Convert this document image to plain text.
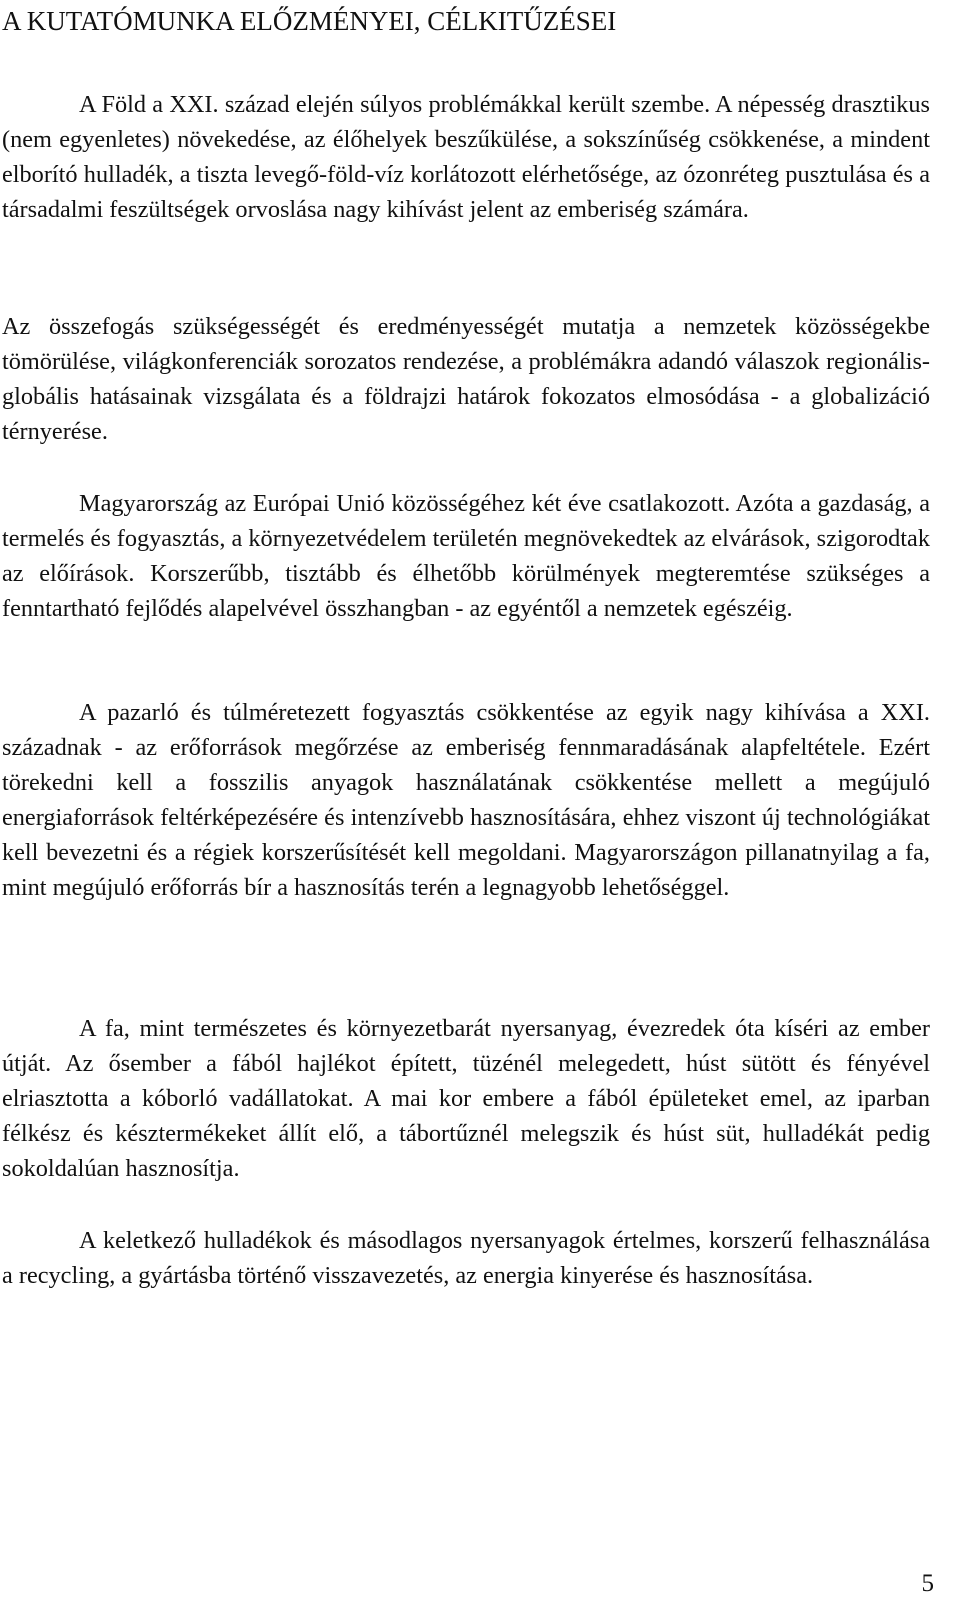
A KUTATÓMUNKA ELŐZMÉNYEI, CÉLKITŰZÉSEI

A Föld a XXI. század elején súlyos problémákkal került szembe. A népesség drasztikus (nem egyenletes) növekedése, az élőhelyek beszűkülése, a sokszínűség csökkenése, a mindent elborító hulladék, a tiszta levegő-föld-víz korlátozott elérhetősége, az ózonréteg pusztulása és a társadalmi feszültségek orvoslása nagy kihívást jelent az emberiség számára.

Az összefogás szükségességét és eredményességét mutatja a nemzetek közösségekbe tömörülése, világkonferenciák sorozatos rendezése, a problémákra adandó válaszok regionális-globális hatásainak vizsgálata és a földrajzi határok fokozatos elmosódása - a globalizáció térnyerése.

Magyarország az Európai Unió közösségéhez két éve csatlakozott. Azóta a gazdaság, a termelés és fogyasztás, a környezetvédelem területén megnövekedtek az elvárások, szigorodtak az előírások. Korszerűbb, tisztább és élhetőbb körülmények megteremtése szükséges a fenntartható fejlődés alapelvével összhangban - az egyéntől a nemzetek egészéig.

A pazarló és túlméretezett fogyasztás csökkentése az egyik nagy kihívása a XXI. századnak - az erőforrások megőrzése az emberiség fennmaradásának alapfeltétele. Ezért törekedni kell a fosszilis anyagok használatának csökkentése mellett a megújuló energiaforrások feltérképezésére és intenzívebb hasznosítására, ehhez viszont új technológiákat kell bevezetni és a régiek korszerűsítését kell megoldani. Magyarországon pillanatnyilag a fa, mint megújuló erőforrás bír a hasznosítás terén a legnagyobb lehetőséggel.

A fa, mint természetes és környezetbarát nyersanyag, évezredek óta kíséri az ember útját. Az ősember a fából hajlékot épített, tüzénél melegedett, húst sütött és fényével elriasztotta a kóborló vadállatokat. A mai kor embere a fából épületeket emel, az iparban félkész és késztermékeket állít elő, a tábortűznél melegszik és húst süt, hulladékát pedig sokoldalúan hasznosítja.

A keletkező hulladékok és másodlagos nyersanyagok értelmes, korszerű felhasználása a recycling, a gyártásba történő visszavezetés, az energia kinyerése és hasznosítása.

5
